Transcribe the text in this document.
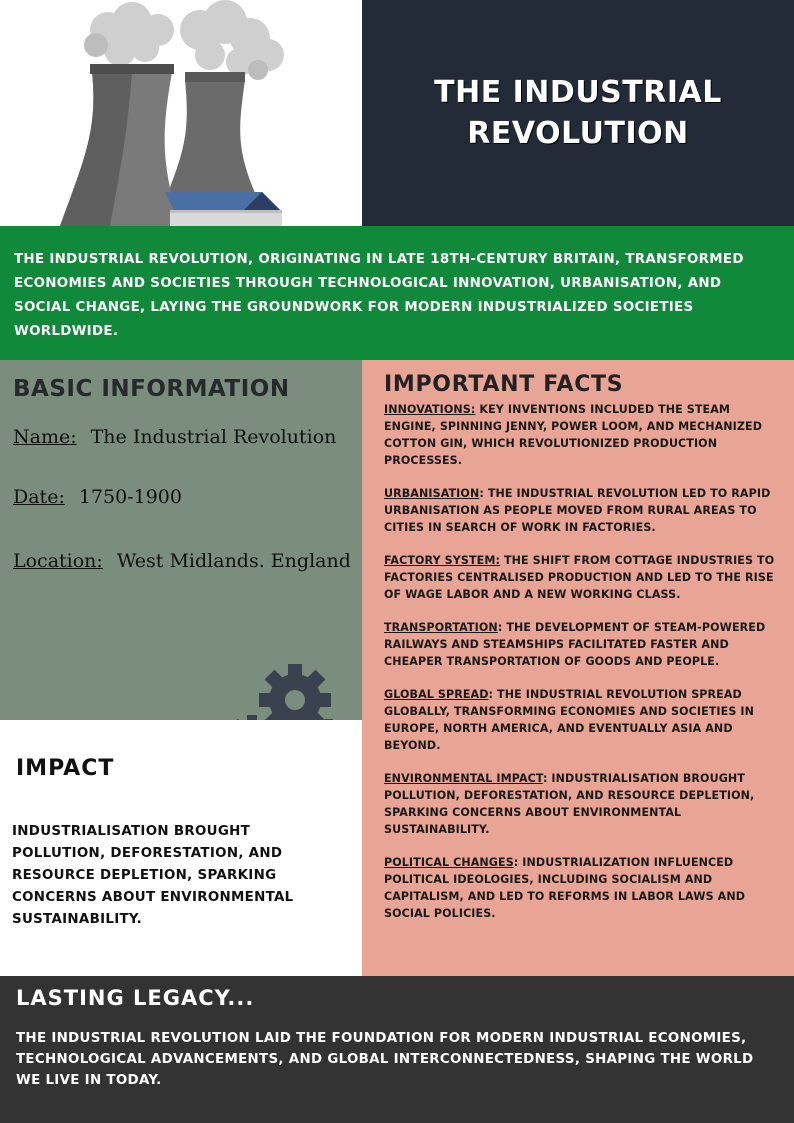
THE INDUSTRIAL REVOLUTION
THE INDUSTRIAL REVOLUTION, ORIGINATING IN LATE 18TH-CENTURY BRITAIN, TRANSFORMED ECONOMIES AND SOCIETIES THROUGH TECHNOLOGICAL INNOVATION, URBANISATION, AND SOCIAL CHANGE, LAYING THE GROUNDWORK FOR MODERN INDUSTRIALIZED SOCIETIES WORLDWIDE.
BASIC INFORMATION
Name: The Industrial Revolution
Date: 1750-1900
Location: West Midlands. England
IMPACT
INDUSTRIALISATION BROUGHT POLLUTION, DEFORESTATION, AND RESOURCE DEPLETION, SPARKING CONCERNS ABOUT ENVIRONMENTAL SUSTAINABILITY.
IMPORTANT FACTS
INNOVATIONS: KEY INVENTIONS INCLUDED THE STEAM ENGINE, SPINNING JENNY, POWER LOOM, AND MECHANIZED COTTON GIN, WHICH REVOLUTIONIZED PRODUCTION PROCESSES.
URBANISATION: THE INDUSTRIAL REVOLUTION LED TO RAPID URBANISATION AS PEOPLE MOVED FROM RURAL AREAS TO CITIES IN SEARCH OF WORK IN FACTORIES.
FACTORY SYSTEM: THE SHIFT FROM COTTAGE INDUSTRIES TO FACTORIES CENTRALISED PRODUCTION AND LED TO THE RISE OF WAGE LABOR AND A NEW WORKING CLASS.
TRANSPORTATION: THE DEVELOPMENT OF STEAM-POWERED RAILWAYS AND STEAMSHIPS FACILITATED FASTER AND CHEAPER TRANSPORTATION OF GOODS AND PEOPLE.
GLOBAL SPREAD: THE INDUSTRIAL REVOLUTION SPREAD GLOBALLY, TRANSFORMING ECONOMIES AND SOCIETIES IN EUROPE, NORTH AMERICA, AND EVENTUALLY ASIA AND BEYOND.
ENVIRONMENTAL IMPACT: INDUSTRIALISATION BROUGHT POLLUTION, DEFORESTATION, AND RESOURCE DEPLETION, SPARKING CONCERNS ABOUT ENVIRONMENTAL SUSTAINABILITY.
POLITICAL CHANGES: INDUSTRIALIZATION INFLUENCED POLITICAL IDEOLOGIES, INCLUDING SOCIALISM AND CAPITALISM, AND LED TO REFORMS IN LABOR LAWS AND SOCIAL POLICIES.
LASTING LEGACY...
THE INDUSTRIAL REVOLUTION LAID THE FOUNDATION FOR MODERN INDUSTRIAL ECONOMIES, TECHNOLOGICAL ADVANCEMENTS, AND GLOBAL INTERCONNECTEDNESS, SHAPING THE WORLD WE LIVE IN TODAY.
